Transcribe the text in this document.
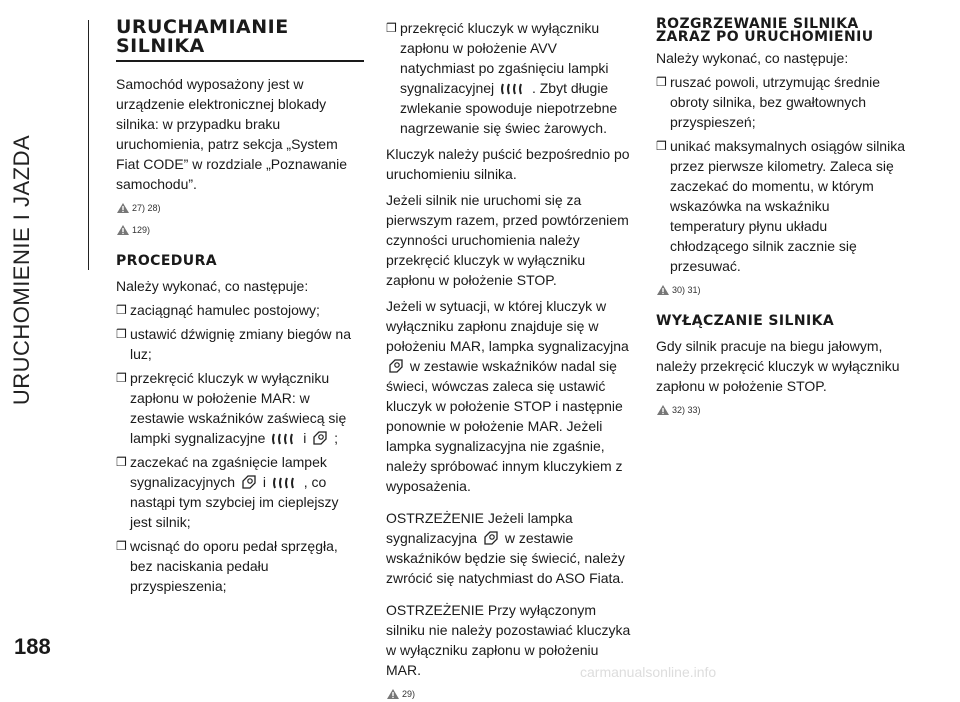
URUCHOMIENIE I JAZDA
188
URUCHAMIANIE SILNIKA

Samochód wyposażony jest w urządzenie elektronicznej blokady silnika: w przypadku braku uruchomienia, patrz sekcja „System Fiat CODE” w rozdziale „Poznawanie samochodu”.

27) 28)
129)
PROCEDURA

Należy wykonać, co następuje:

❒ zaciągnąć hamulec postojowy;
❒ ustawić dźwignię zmiany biegów na luz;
❒ przekręcić kluczyk w wyłączniku zapłonu w położenie MAR: w zestawie wskaźników zaświecą się lampki sygnalizacyjne	i ;
❒ zaczekać na zgaśnięcie lampek sygnalizacyjnych i	, co nastąpi tym szybciej im cieplejszy jest silnik;
❒ wcisnąć do oporu pedał sprzęgła, bez naciskania pedału przyspieszenia;
❒ przekręcić kluczyk w wyłączniku zapłonu w położenie AVV natychmiast po zgaśnięciu lampki sygnalizacyjnej	. Zbyt długie zwlekanie spowoduje niepotrzebne nagrzewanie się świec żarowych.

Kluczyk należy puścić bezpośrednio po uruchomieniu silnika.

Jeżeli silnik nie uruchomi się za pierwszym razem, przed powtórzeniem czynności uruchomienia należy przekręcić kluczyk w wyłączniku zapłonu w położenie STOP.

Jeżeli w sytuacji, w której kluczyk w wyłączniku zapłonu znajduje się w położeniu MAR, lampka sygnalizacyjna  w zestawie wskaźników nadal się świeci, wówczas zaleca się ustawić kluczyk w położenie STOP i następnie ponownie w położenie MAR. Jeżeli lampka sygnalizacyjna nie zgaśnie, należy spróbować innym kluczykiem z wyposażenia.

OSTRZEŻENIE Jeżeli lampka sygnalizacyjna w zestawie wskaźników będzie się świecić, należy zwrócić się natychmiast do ASO Fiata.

OSTRZEŻENIE Przy wyłączonym silniku nie należy pozostawiać kluczyka w wyłączniku zapłonu w położeniu MAR.

29)
ROZGRZEWANIE SILNIKA ZARAZ PO URUCHOMIENIU

Należy wykonać, co następuje:

❒ ruszać powoli, utrzymując średnie obroty silnika, bez gwałtownych przyspieszeń;
❒ unikać maksymalnych osiągów silnika przez pierwsze kilometry. Zaleca się zaczekać do momentu, w którym wskazówka na wskaźniku temperatury płynu układu chłodzącego silnik zacznie się przesuwać.
30) 31)
WYŁĄCZANIE SILNIKA

Gdy silnik pracuje na biegu jałowym, należy przekręcić kluczyk w wyłączniku zapłonu w położenie STOP.

32) 33)
carmanualsonline.info
